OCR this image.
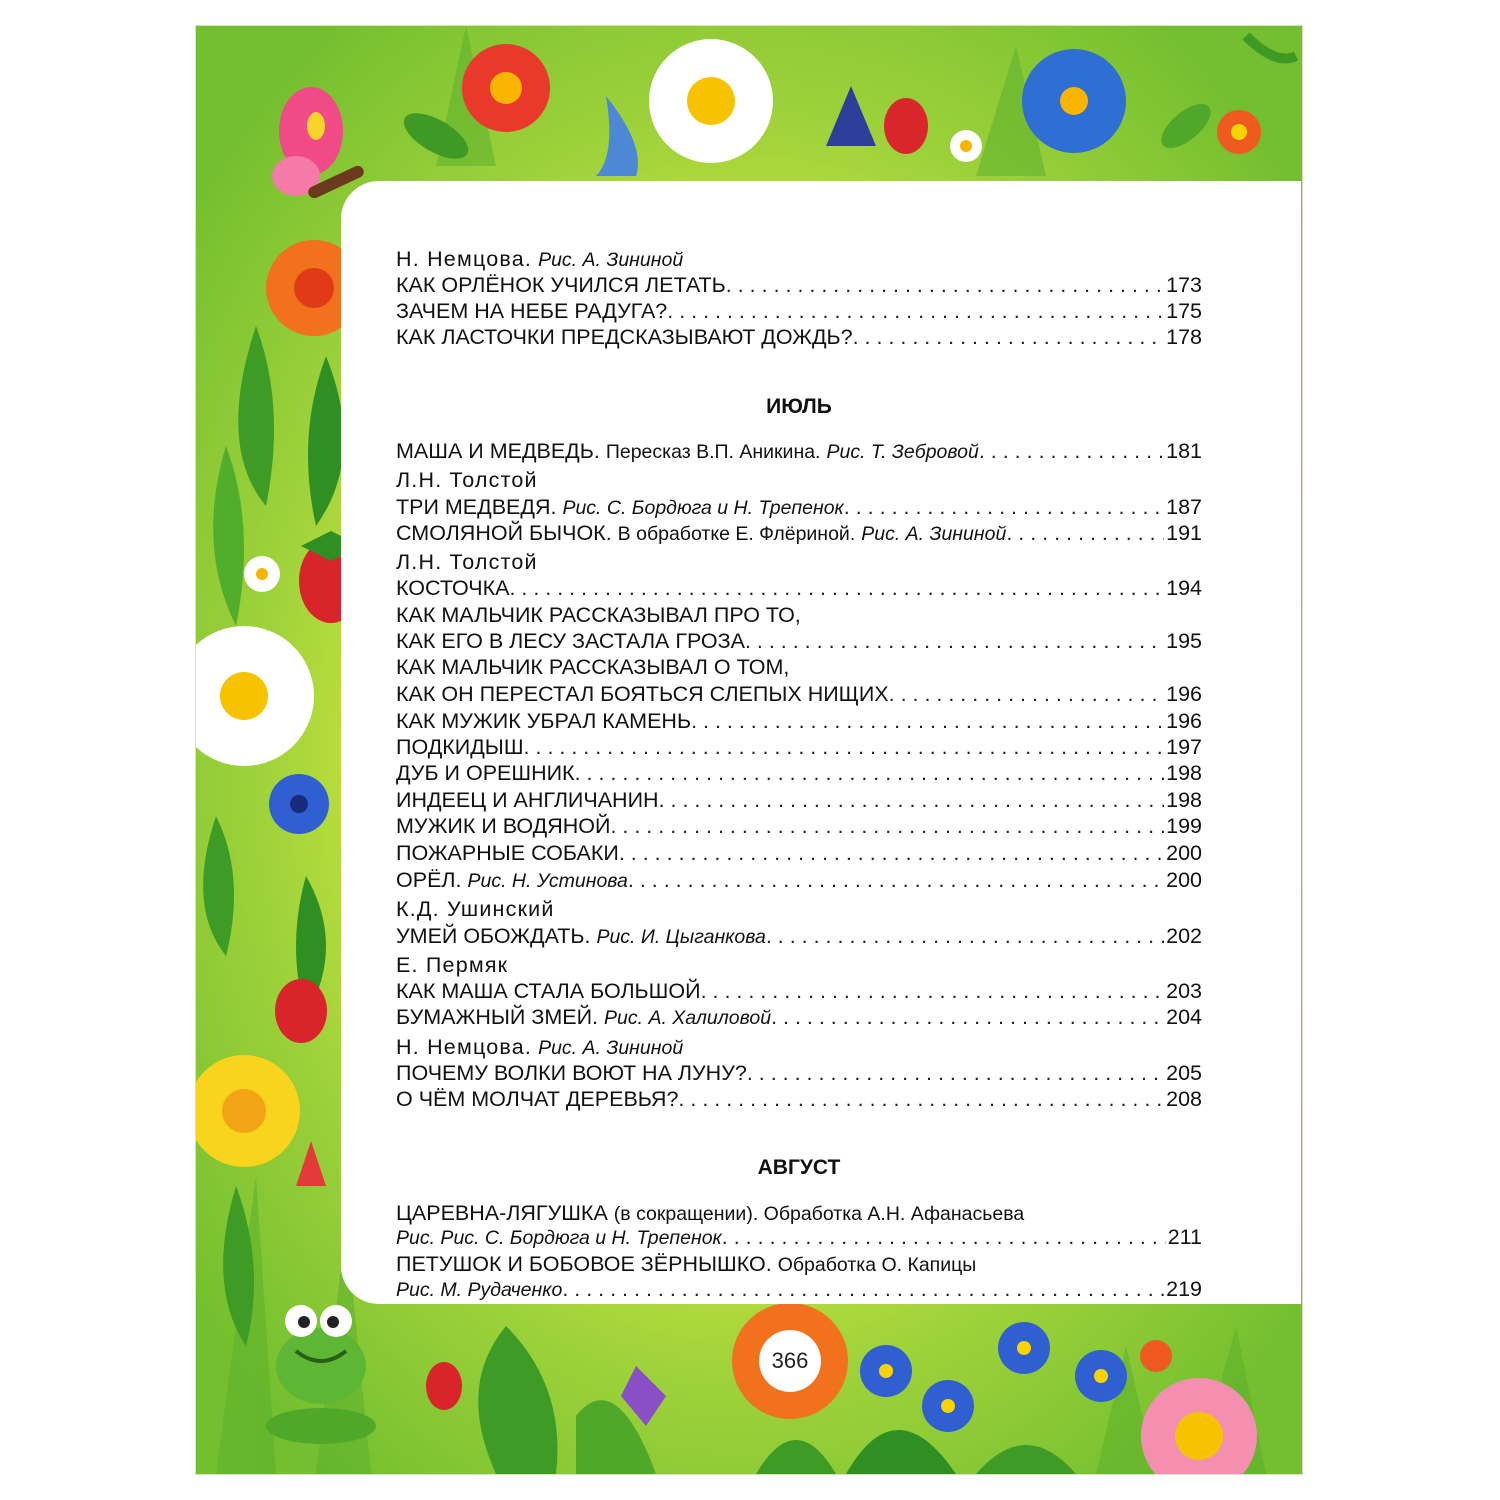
366
Н. Немцова. Рис. А. Зининой
КАК ОРЛЁНОК УЧИЛСЯ ЛЕТАТЬ . . .	173
ЗАЧЕМ НА НЕБЕ РАДУГА? . . .	175
КАК ЛАСТОЧКИ ПРЕДСКАЗЫВАЮТ ДОЖДЬ? . . .	178
ИЮЛЬ
МАША И МЕДВЕДЬ. Пересказ В.П. Аникина. Рис. Т. Зебровой . . .	181
Л.Н. Толстой
ТРИ МЕДВЕДЯ. Рис. С. Бордюга и Н. Трепенок . . .	187
СМОЛЯНОЙ БЫЧОК. В обработке Е. Флёриной. Рис. А. Зининой . . .	191
Л.Н. Толстой
КОСТОЧКА . . .	194
КАК МАЛЬЧИК РАССКАЗЫВАЛ ПРО ТО,
КАК ЕГО В ЛЕСУ ЗАСТАЛА ГРОЗА . . .	195
КАК МАЛЬЧИК РАССКАЗЫВАЛ О ТОМ,
КАК ОН ПЕРЕСТАЛ БОЯТЬСЯ СЛЕПЫХ НИЩИХ . . .	196
КАК МУЖИК УБРАЛ КАМЕНЬ . . .	196
ПОДКИДЫШ . . .	197
ДУБ И ОРЕШНИК . . .	198
ИНДЕЕЦ И АНГЛИЧАНИН . . .	198
МУЖИК И ВОДЯНОЙ . . .	199
ПОЖАРНЫЕ СОБАКИ . . .	200
ОРЁЛ. Рис. Н. Устинова . . .	200
К.Д. Ушинский
УМЕЙ ОБОЖДАТЬ. Рис. И. Цыганкова . . .	202
Е. Пермяк
КАК МАША СТАЛА БОЛЬШОЙ . . .	203
БУМАЖНЫЙ ЗМЕЙ. Рис. А. Халиловой . . .	204
Н. Немцова. Рис. А. Зининой
ПОЧЕМУ ВОЛКИ ВОЮТ НА ЛУНУ? . . .	205
О ЧЁМ МОЛЧАТ ДЕРЕВЬЯ? . . .	208
АВГУСТ
ЦАРЕВНА-ЛЯГУШКА (в сокращении). Обработка А.Н. Афанасьева
Рис. Рис. С. Бордюга и Н. Трепенок . . .	211
ПЕТУШОК И БОБОВОЕ ЗЁРНЫШКО. Обработка О. Капицы
Рис. М. Рудаченко . . .	219
